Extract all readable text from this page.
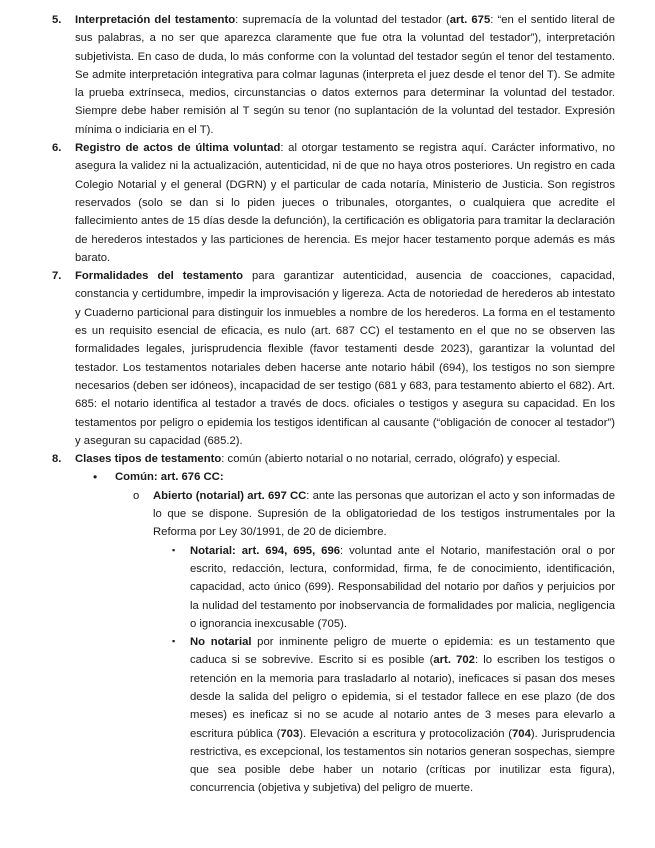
5. Interpretación del testamento: supremacía de la voluntad del testador (art. 675: “en el sentido literal de sus palabras, a no ser que aparezca claramente que fue otra la voluntad del testador”), interpretación subjetivista. En caso de duda, lo más conforme con la voluntad del testador según el tenor del testamento. Se admite interpretación integrativa para colmar lagunas (interpreta el juez desde el tenor del T). Se admite la prueba extrínseca, medios, circunstancias o datos externos para determinar la voluntad del testador. Siempre debe haber remisión al T según su tenor (no suplantación de la voluntad del testador. Expresión mínima o indiciaria en el T).
6. Registro de actos de última voluntad: al otorgar testamento se registra aquí. Carácter informativo, no asegura la validez ni la actualización, autenticidad, ni de que no haya otros posteriores. Un registro en cada Colegio Notarial y el general (DGRN) y el particular de cada notaría, Ministerio de Justicia. Son registros reservados (solo se dan si lo piden jueces o tribunales, otorgantes, o cualquiera que acredite el fallecimiento antes de 15 días desde la defunción), la certificación es obligatoria para tramitar la declaración de herederos intestados y las particiones de herencia. Es mejor hacer testamento porque además es más barato.
7. Formalidades del testamento para garantizar autenticidad, ausencia de coacciones, capacidad, constancia y certidumbre, impedir la improvisación y ligereza. Acta de notoriedad de herederos ab intestato y Cuaderno particional para distinguir los inmuebles a nombre de los herederos. La forma en el testamento es un requisito esencial de eficacia, es nulo (art. 687 CC) el testamento en el que no se observen las formalidades legales, jurisprudencia flexible (favor testamenti desde 2023), garantizar la voluntad del testador. Los testamentos notariales deben hacerse ante notario hábil (694), los testigos no son siempre necesarios (deben ser idóneos), incapacidad de ser testigo (681 y 683, para testamento abierto el 682). Art. 685: el notario identifica al testador a través de docs. oficiales o testigos y asegura su capacidad. En los testamentos por peligro o epidemia los testigos identifican al causante (“obligación de conocer al testador”) y aseguran su capacidad (685.2).
8. Clases tipos de testamento: común (abierto notarial o no notarial, cerrado, ológrafo) y especial.
• Común: art. 676 CC:
o Abierto (notarial) art. 697 CC: ante las personas que autorizan el acto y son informadas de lo que se dispone. Supresión de la obligatoriedad de los testigos instrumentales por la Reforma por Ley 30/1991, de 20 de diciembre.
▪ Notarial: art. 694, 695, 696: voluntad ante el Notario, manifestación oral o por escrito, redacción, lectura, conformidad, firma, fe de conocimiento, identificación, capacidad, acto único (699). Responsabilidad del notario por daños y perjuicios por la nulidad del testamento por inobservancia de formalidades por malicia, negligencia o ignorancia inexcusable (705).
▪ No notarial por inminente peligro de muerte o epidemia: es un testamento que caduca si se sobrevive. Escrito si es posible (art. 702: lo escriben los testigos o retención en la memoria para trasladarlo al notario), ineficaces si pasan dos meses desde la salida del peligro o epidemia, si el testador fallece en ese plazo (de dos meses) es ineficaz si no se acude al notario antes de 3 meses para elevarlo a escritura pública (703). Elevación a escritura y protocolización (704). Jurisprudencia restrictiva, es excepcional, los testamentos sin notarios generan sospechas, siempre que sea posible debe haber un notario (críticas por inutilizar esta figura), concurrencia (objetiva y subjetiva) del peligro de muerte.
